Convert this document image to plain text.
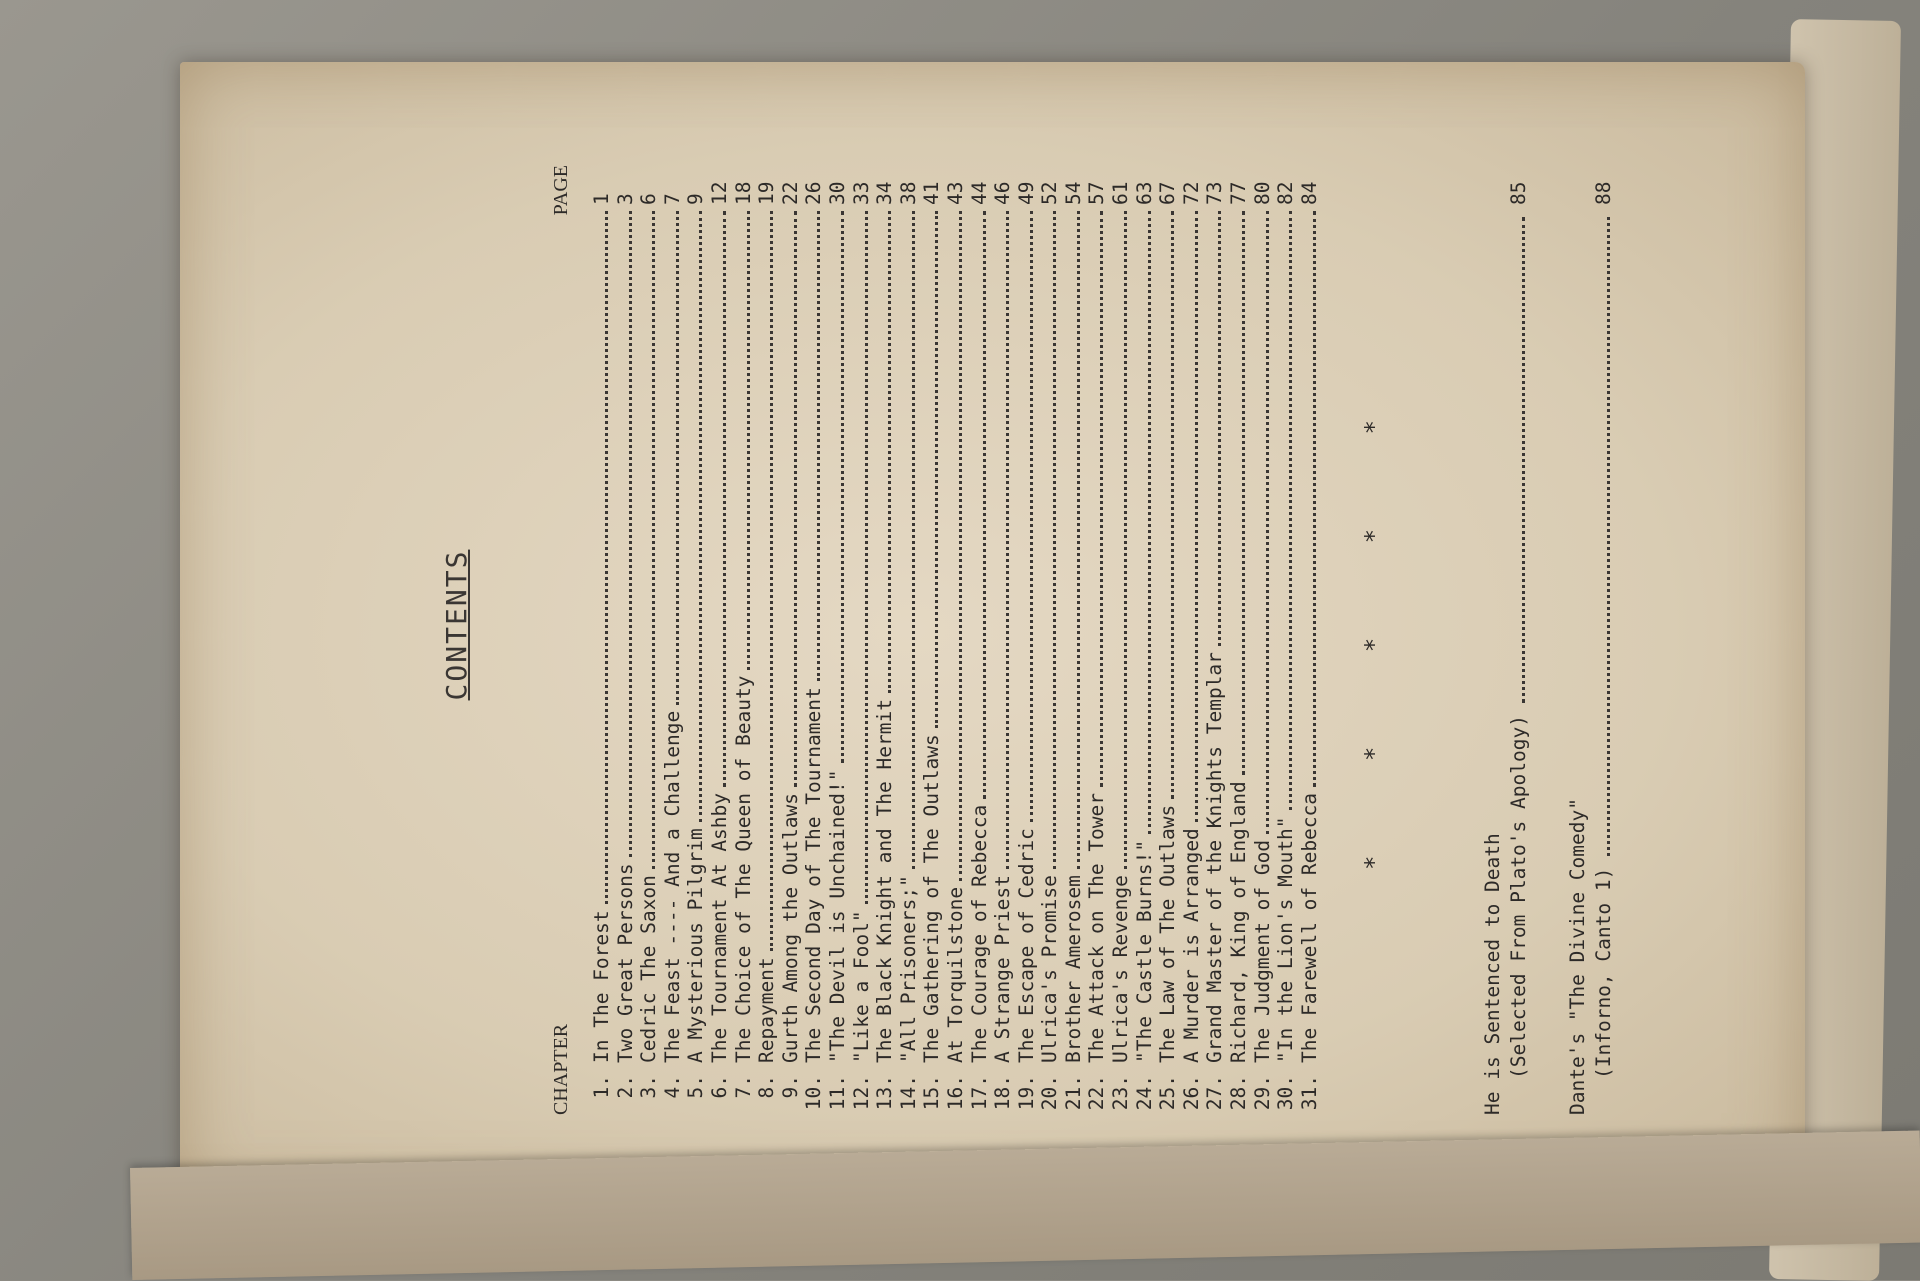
CONTENTS
CHAPTER
PAGE
1.
In The Forest
1
2.
Two Great Persons
3
3.
Cedric The Saxon
6
4.
The Feast ---- And a Challenge
7
5.
A Mysterious Pilgrim
9
6.
The Tournament At Ashby
12
7.
The Choice of The Queen of Beauty
18
8.
Repayment
19
9.
Gurth Among the Outlaws
22
10.
The Second Day of The Tournament
26
11.
"The Devil is Unchained!"
30
12.
"Like a Fool"
33
13.
The Black Knight and The Hermit
34
14.
"All Prisoners;"
38
15.
The Gathering of The Outlaws
41
16.
At Torquilstone
43
17.
The Courage of Rebecca
44
18.
A Strange Priest
46
19.
The Escape of Cedric
49
20.
Ulrica's Promise
52
21.
Brother Amerosem
54
22.
The Attack on The Tower
57
23.
Ulrica's Revenge
61
24.
"The Castle Burns!"
63
25.
The Law of The Outlaws
67
26.
A Murder is Arranged
72
27.
Grand Master of the Knights Templar
73
28.
Richard, King of England
77
29.
The Judgment of God
80
30.
"In the Lion's Mouth"
82
31.
The Farewell of Rebecca
84
* * * * *
He is Sentenced to Death (Selected From Plato's Apology)
85
Dante's "The Divine Comedy" (Inforno, Canto 1)
88
